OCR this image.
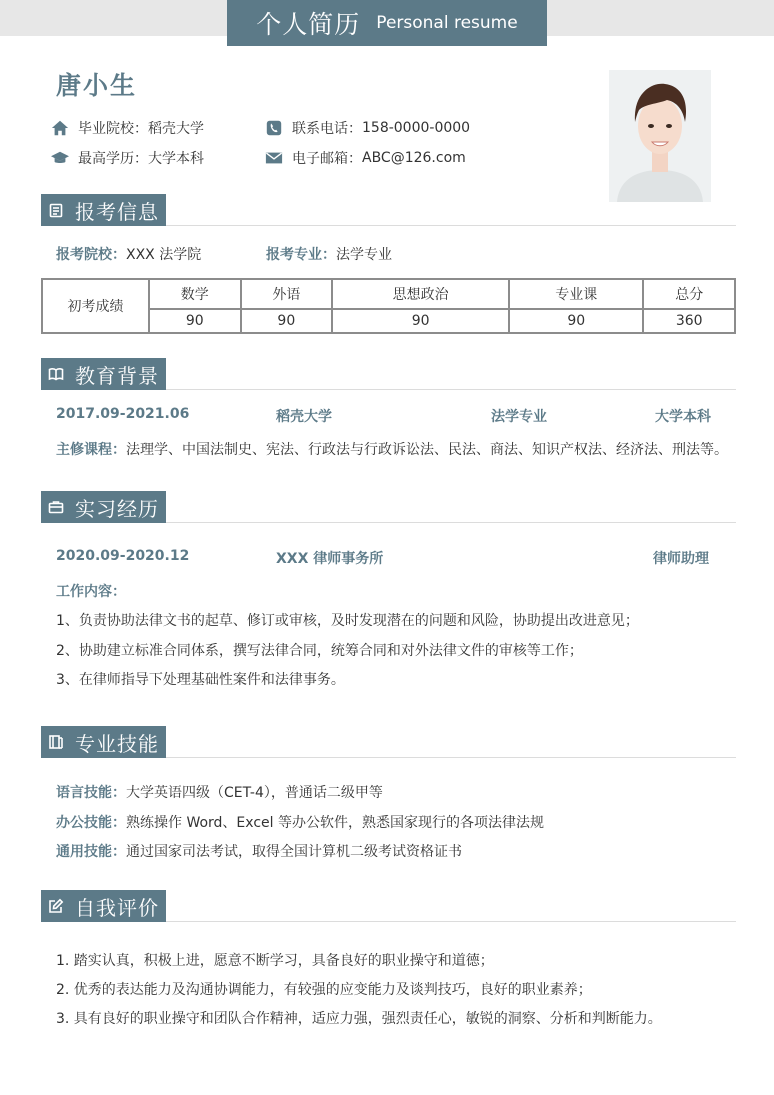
个人简历 Personal resume
唐小生
毕业院校： 稻壳大学
最高学历： 大学本科
联系电话： 158-0000-0000
电子邮箱： ABC@126.com
报考信息
报考院校：XXX 法学院	报考专业：法学专业
初考成绩	数学	外语	思想政治	专业课	总分
	90	90	90	90	360
教育背景
2017.09-2021.06	稻壳大学	法学专业	大学本科
主修课程：法理学、中国法制史、宪法、行政法与行政诉讼法、民法、商法、知识产权法、经济法、刑法等。
实习经历
2020.09-2020.12	XXX 律师事务所	律师助理
工作内容：
1、负责协助法律文书的起草、修订或审核，及时发现潜在的问题和风险，协助提出改进意见；
2、协助建立标准合同体系，撰写法律合同，统筹合同和对外法律文件的审核等工作；
3、在律师指导下处理基础性案件和法律事务。
专业技能
语言技能：大学英语四级（CET-4），普通话二级甲等
办公技能：熟练操作 Word、Excel 等办公软件，熟悉国家现行的各项法律法规
通用技能：通过国家司法考试，取得全国计算机二级考试资格证书
自我评价
1. 踏实认真，积极上进，愿意不断学习，具备良好的职业操守和道德；
2. 优秀的表达能力及沟通协调能力，有较强的应变能力及谈判技巧，良好的职业素养；
3. 具有良好的职业操守和团队合作精神，适应力强，强烈责任心，敏锐的洞察、分析和判断能力。
